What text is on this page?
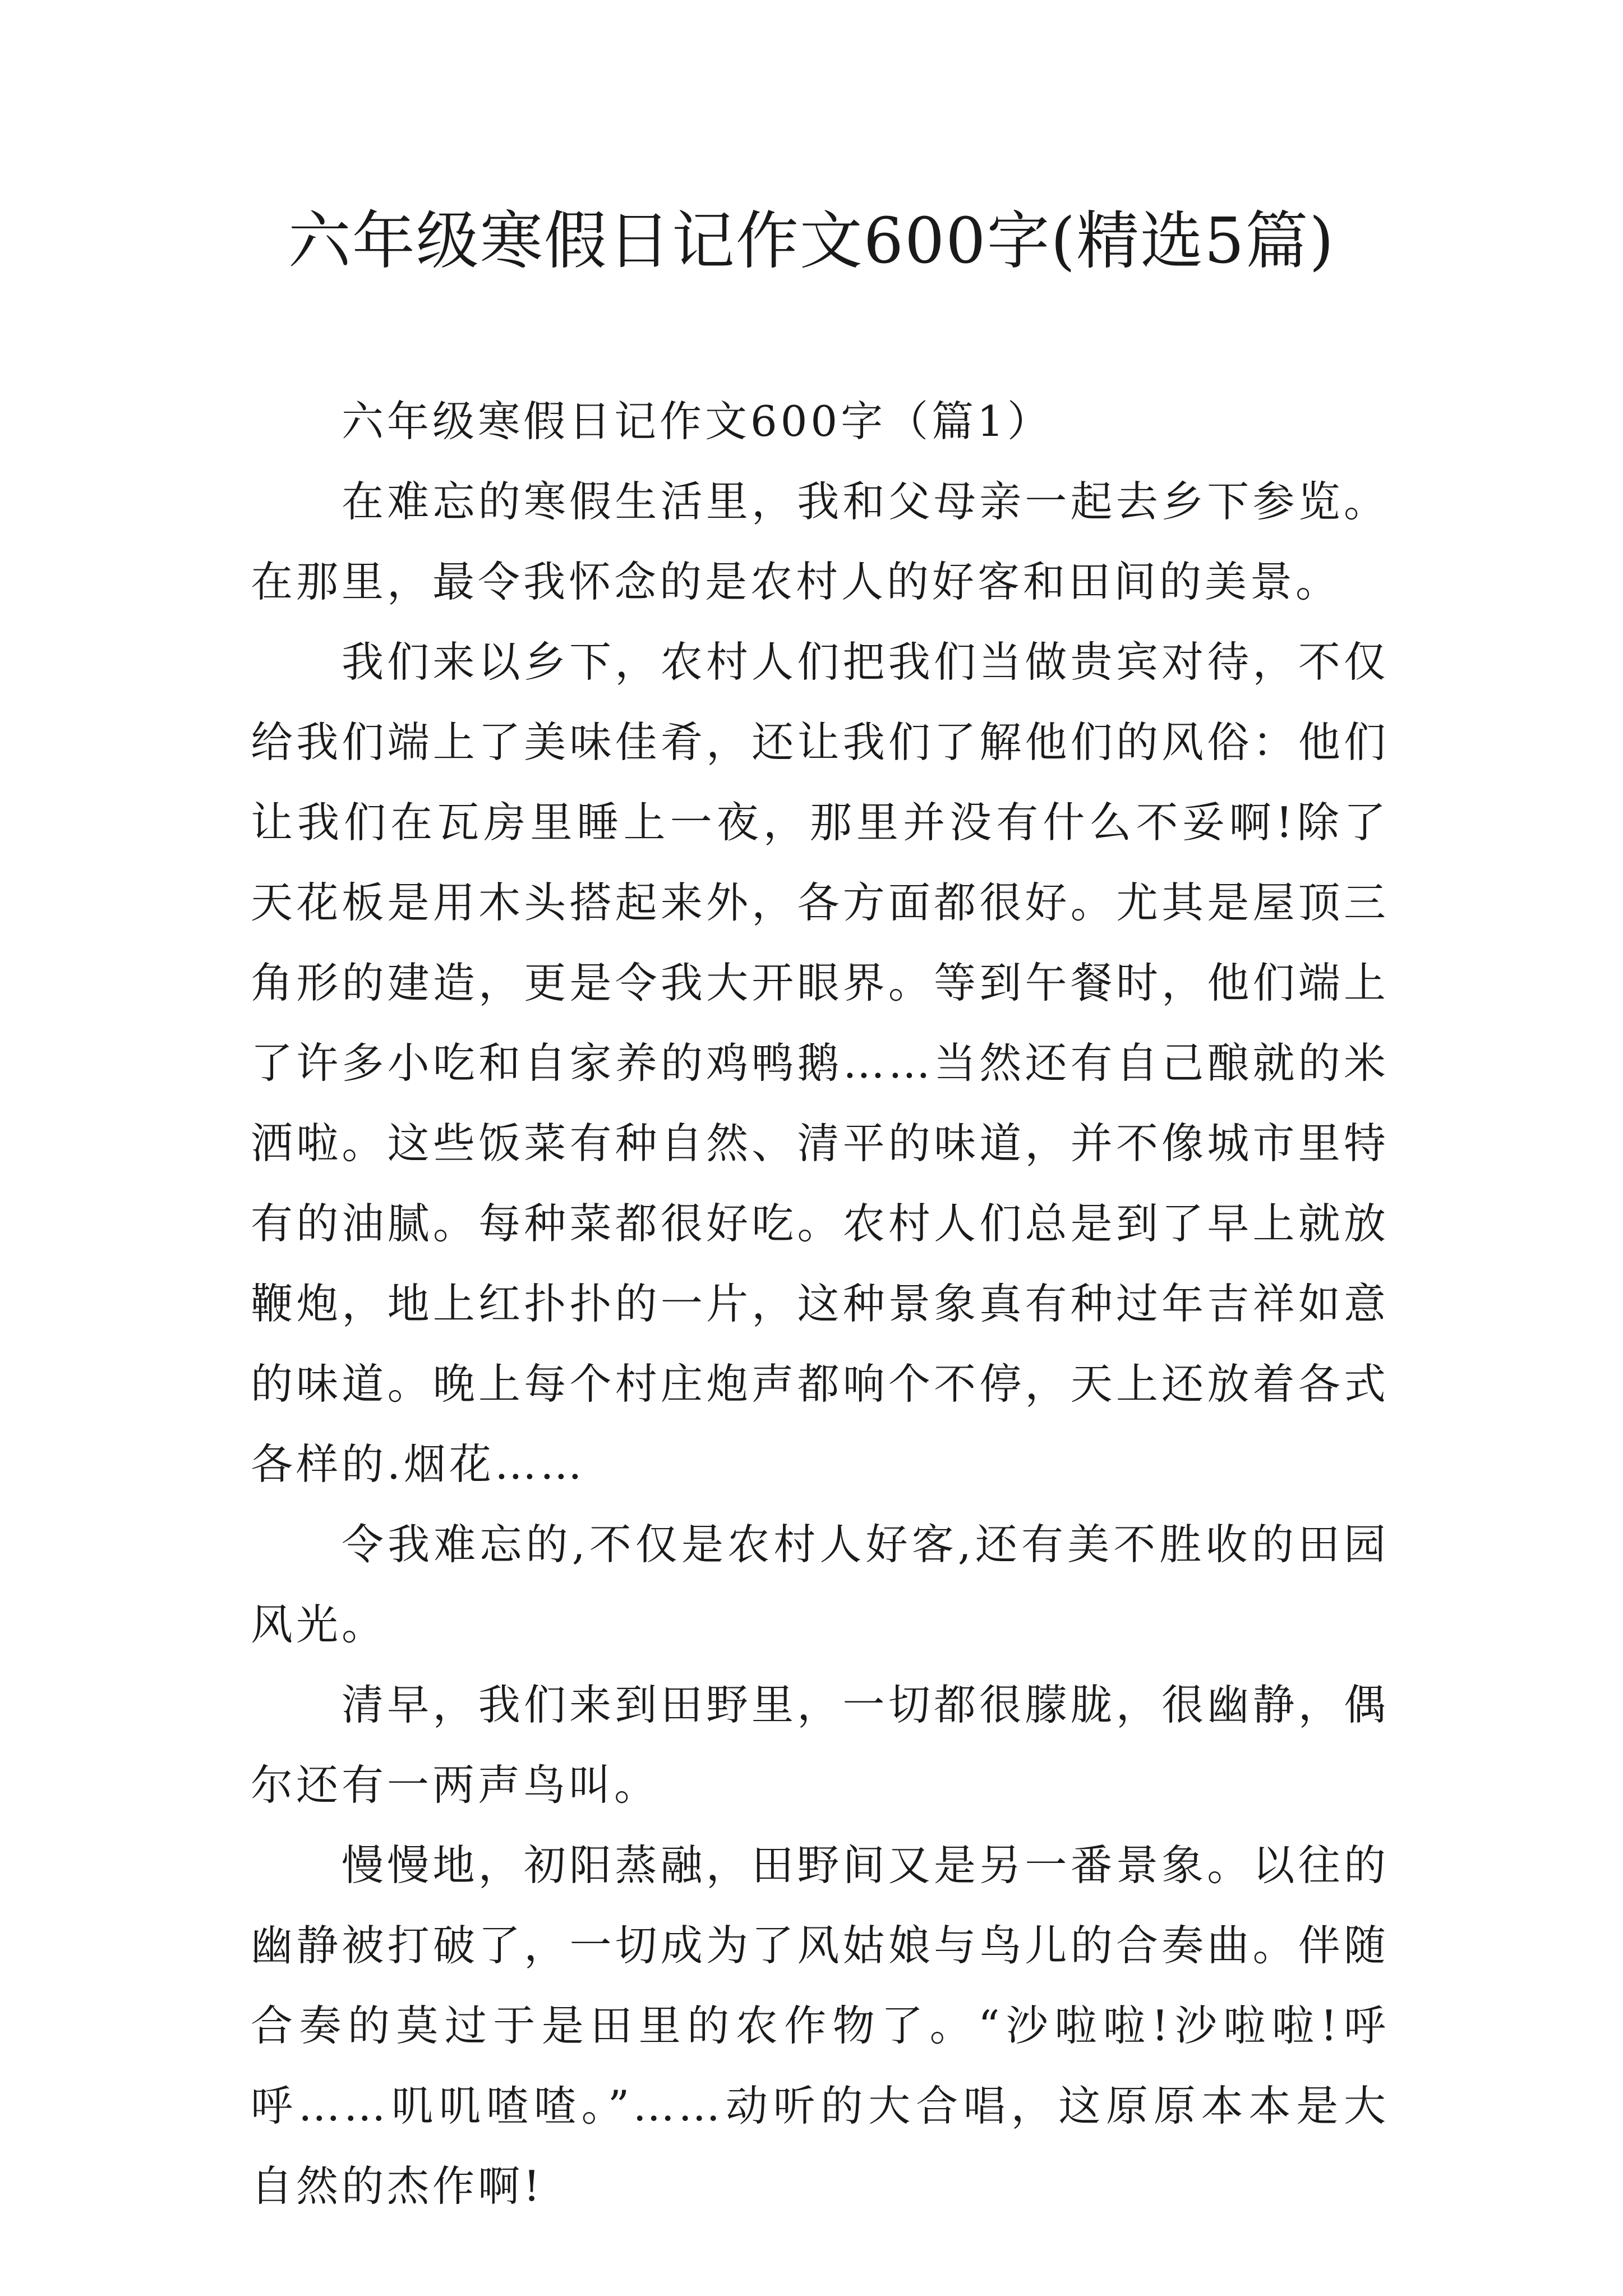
六年级寒假日记作文600字(精选5篇)

六年级寒假日记作文600字（篇1）

在难忘的寒假生活里，我和父母亲一起去乡下参览。在那里，最令我怀念的是农村人的好客和田间的美景。

我们来以乡下，农村人们把我们当做贵宾对待，不仅给我们端上了美味佳肴，还让我们了解他们的风俗：他们让我们在瓦房里睡上一夜，那里并没有什么不妥啊!除了天花板是用木头搭起来外，各方面都很好。尤其是屋顶三角形的建造，更是令我大开眼界。等到午餐时，他们端上了许多小吃和自家养的鸡鸭鹅……当然还有自己酿就的米洒啦。这些饭菜有种自然、清平的味道，并不像城市里特有的油腻。每种菜都很好吃。农村人们总是到了早上就放鞭炮，地上红扑扑的一片，这种景象真有种过年吉祥如意的味道。晚上每个村庄炮声都响个不停，天上还放着各式各样的.烟花……

令我难忘的,不仅是农村人好客,还有美不胜收的田园风光。

清早，我们来到田野里，一切都很朦胧，很幽静，偶尔还有一两声鸟叫。

慢慢地，初阳蒸融，田野间又是另一番景象。以往的幽静被打破了，一切成为了风姑娘与鸟儿的合奏曲。伴随合奏的莫过于是田里的农作物了。“沙啦啦!沙啦啦!呼呼……叽叽喳喳。”……动听的大合唱，这原原本本是大自然的杰作啊!
